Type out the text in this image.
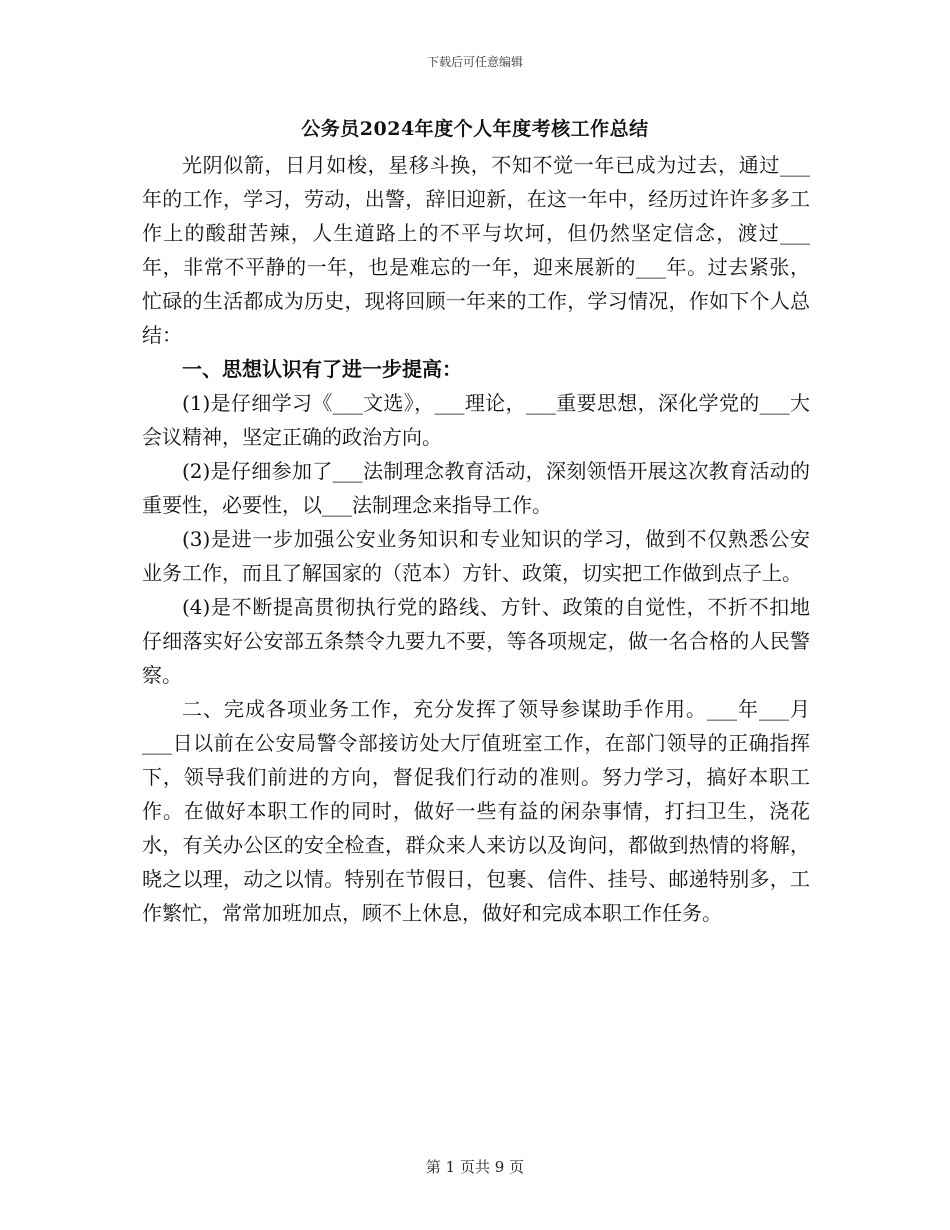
下载后可任意编辑
公务员2024年度个人年度考核工作总结

光阴似箭，日月如梭，星移斗换，不知不觉一年已成为过去，通过___年的工作，学习，劳动，出警，辞旧迎新，在这一年中，经历过许许多多工作上的酸甜苦辣，人生道路上的不平与坎坷，但仍然坚定信念，渡过___年，非常不平静的一年，也是难忘的一年，迎来展新的___年。过去紧张，忙碌的生活都成为历史，现将回顾一年来的工作，学习情况，作如下个人总结：

一、思想认识有了进一步提高：

(1)是仔细学习《___文选》，___理论，___重要思想，深化学党的___大会议精神，坚定正确的政治方向。

(2)是仔细参加了___法制理念教育活动，深刻领悟开展这次教育活动的重要性，必要性，以___法制理念来指导工作。

(3)是进一步加强公安业务知识和专业知识的学习，做到不仅熟悉公安业务工作，而且了解国家的（范本）方针、政策，切实把工作做到点子上。

(4)是不断提高贯彻执行党的路线、方针、政策的自觉性，不折不扣地仔细落实好公安部五条禁令九要九不要，等各项规定，做一名合格的人民警察。

二、完成各项业务工作，充分发挥了领导参谋助手作用。___年___月___日以前在公安局警令部接访处大厅值班室工作，在部门领导的正确指挥下，领导我们前进的方向，督促我们行动的准则。努力学习，搞好本职工作。在做好本职工作的同时，做好一些有益的闲杂事情，打扫卫生，浇花水，有关办公区的安全检查，群众来人来访以及询问，都做到热情的将解，晓之以理，动之以情。特别在节假日，包裹、信件、挂号、邮递特别多，工作繁忙，常常加班加点，顾不上休息，做好和完成本职工作任务。

第 1 页共 9 页
